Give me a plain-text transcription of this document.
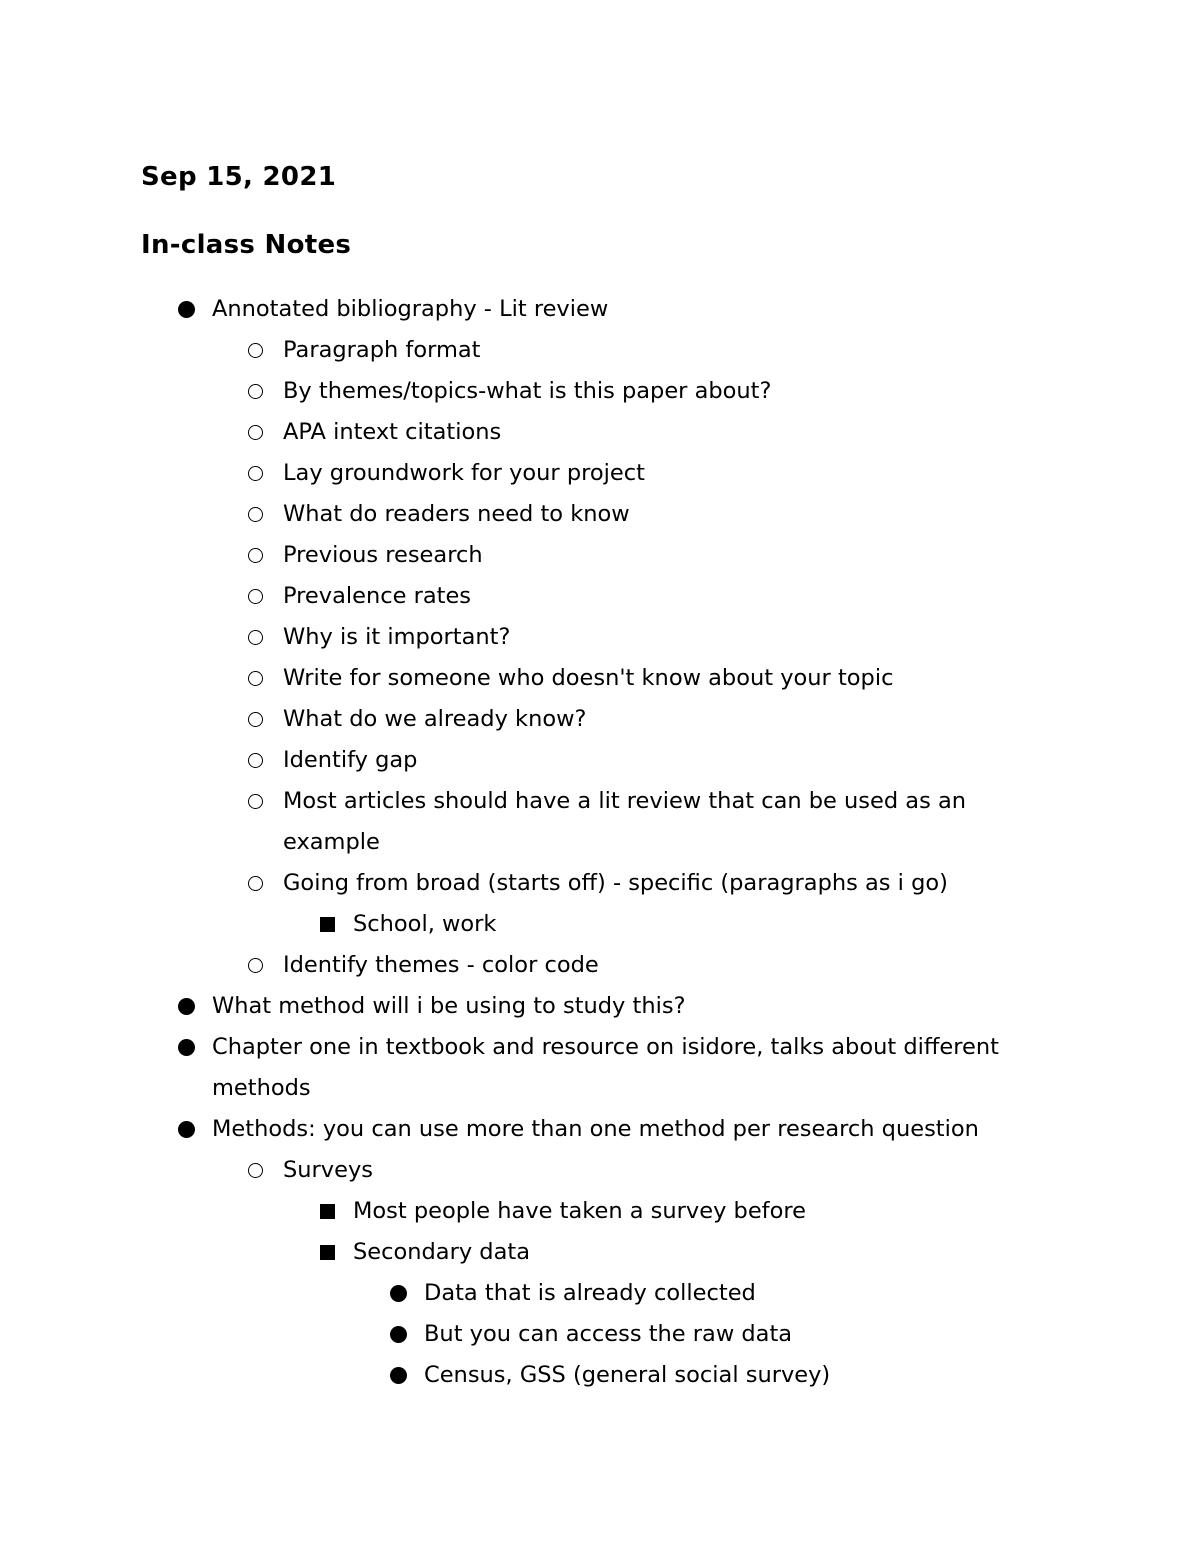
Sep 15, 2021
In-class Notes
Annotated bibliography - Lit review
Paragraph format
By themes/topics-what is this paper about?
APA intext citations
Lay groundwork for your project
What do readers need to know
Previous research
Prevalence rates
Why is it important?
Write for someone who doesn't know about your topic
What do we already know?
Identify gap
Most articles should have a lit review that can be used as an example
Going from broad (starts off) - specific (paragraphs as i go)
School, work
Identify themes - color code
What method will i be using to study this?
Chapter one in textbook and resource on isidore, talks about different methods
Methods: you can use more than one method per research question
Surveys
Most people have taken a survey before
Secondary data
Data that is already collected
But you can access the raw data
Census, GSS (general social survey)
